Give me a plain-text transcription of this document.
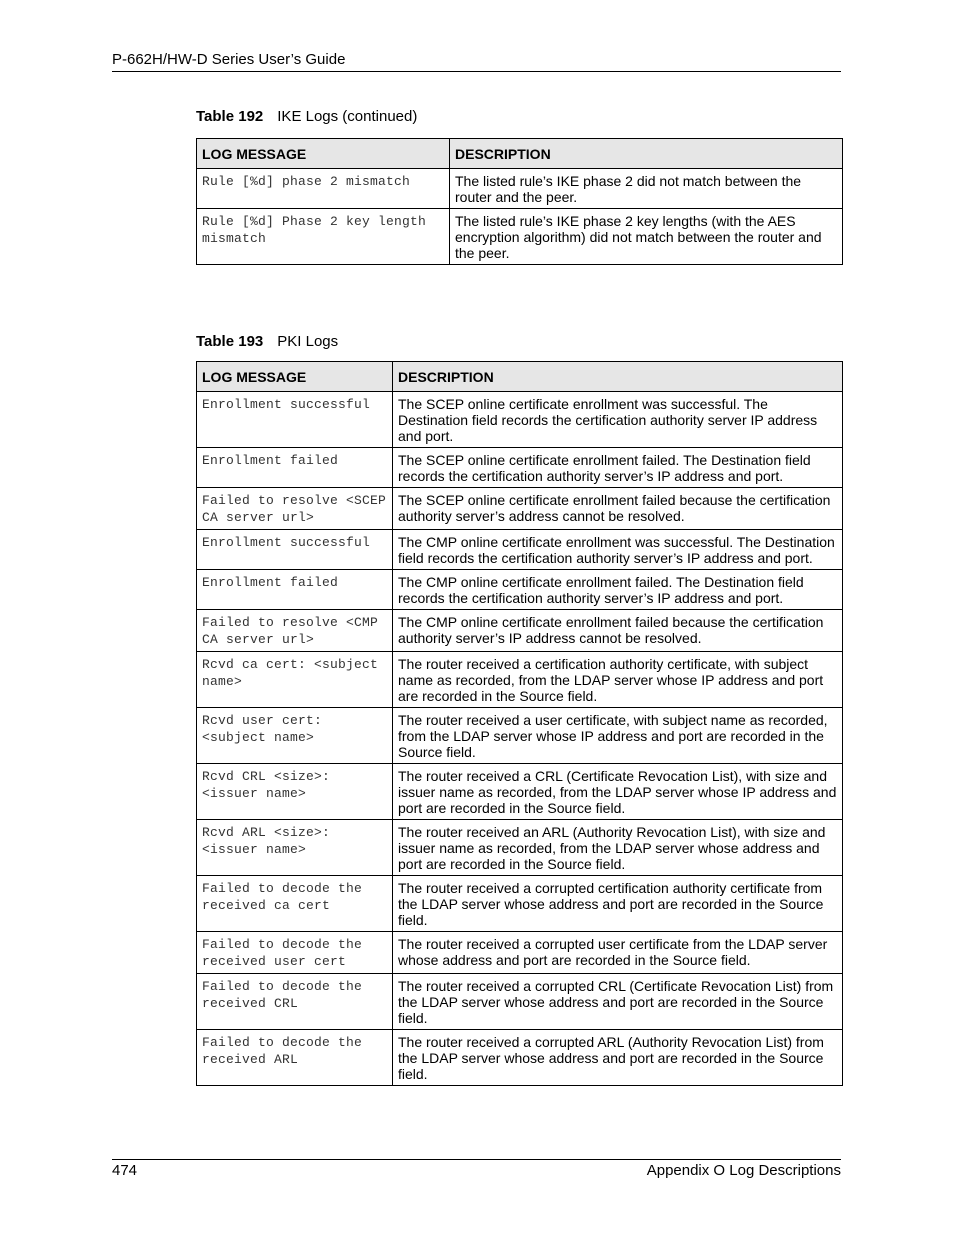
P-662H/HW-D Series User’s Guide
Table 192 IKE Logs (continued)
LOG MESSAGE	DESCRIPTION
Rule [%d] phase 2 mismatch	The listed rule’s IKE phase 2 did not match between the router and the peer.
Rule [%d] Phase 2 key length mismatch	The listed rule’s IKE phase 2 key lengths (with the AES encryption algorithm) did not match between the router and the peer.
Table 193 PKI Logs
LOG MESSAGE	DESCRIPTION
Enrollment successful	The SCEP online certificate enrollment was successful. The Destination field records the certification authority server IP address and port.
Enrollment failed	The SCEP online certificate enrollment failed. The Destination field records the certification authority server’s IP address and port.
Failed to resolve <SCEP CA server url>	The SCEP online certificate enrollment failed because the certification authority server’s address cannot be resolved.
Enrollment successful	The CMP online certificate enrollment was successful. The Destination field records the certification authority server’s IP address and port.
Enrollment failed	The CMP online certificate enrollment failed. The Destination field records the certification authority server’s IP address and port.
Failed to resolve <CMP CA server url>	The CMP online certificate enrollment failed because the certification authority server’s IP address cannot be resolved.
Rcvd ca cert: <subject name>	The router received a certification authority certificate, with subject name as recorded, from the LDAP server whose IP address and port are recorded in the Source field.
Rcvd user cert: <subject name>	The router received a user certificate, with subject name as recorded, from the LDAP server whose IP address and port are recorded in the Source field.
Rcvd CRL <size>: <issuer name>	The router received a CRL (Certificate Revocation List), with size and issuer name as recorded, from the LDAP server whose IP address and port are recorded in the Source field.
Rcvd ARL <size>: <issuer name>	The router received an ARL (Authority Revocation List), with size and issuer name as recorded, from the LDAP server whose address and port are recorded in the Source field.
Failed to decode the received ca cert	The router received a corrupted certification authority certificate from the LDAP server whose address and port are recorded in the Source field.
Failed to decode the received user cert	The router received a corrupted user certificate from the LDAP server whose address and port are recorded in the Source field.
Failed to decode the received CRL	The router received a corrupted CRL (Certificate Revocation List) from the LDAP server whose address and port are recorded in the Source field.
Failed to decode the received ARL	The router received a corrupted ARL (Authority Revocation List) from the LDAP server whose address and port are recorded in the Source field.
474	Appendix O Log Descriptions
